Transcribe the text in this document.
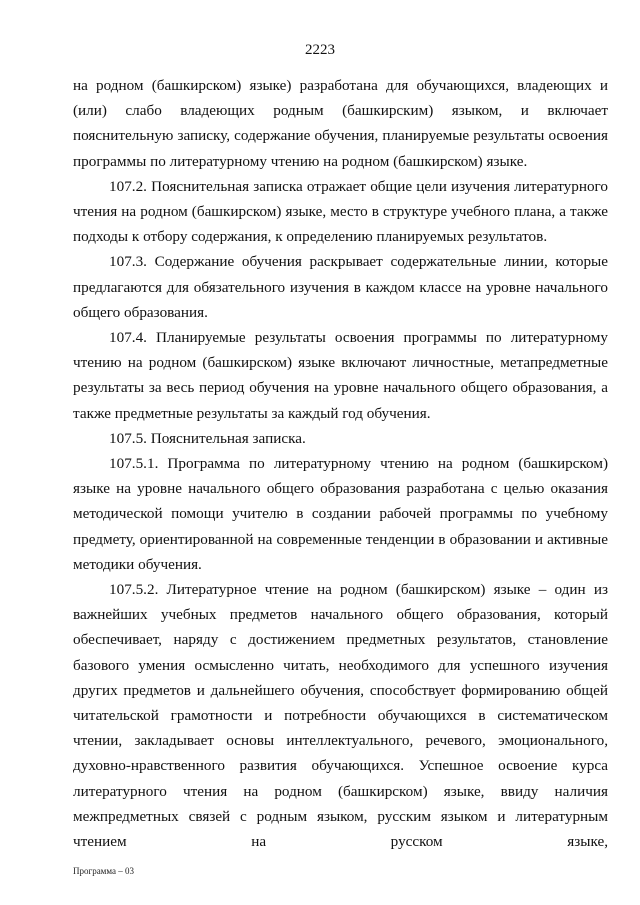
2223

на родном (башкирском) языке) разработана для обучающихся, владеющих и (или) слабо владеющих родным (башкирским) языком, и включает пояснительную записку, содержание обучения, планируемые результаты освоения программы по литературному чтению на родном (башкирском) языке.

107.2. Пояснительная записка отражает общие цели изучения литературного чтения на родном (башкирском) языке, место в структуре учебного плана, а также подходы к отбору содержания, к определению планируемых результатов.

107.3. Содержание обучения раскрывает содержательные линии, которые предлагаются для обязательного изучения в каждом классе на уровне начального общего образования.

107.4. Планируемые результаты освоения программы по литературному чтению на родном (башкирском) языке включают личностные, метапредметные результаты за весь период обучения на уровне начального общего образования, а также предметные результаты за каждый год обучения.

107.5. Пояснительная записка.

107.5.1. Программа по литературному чтению на родном (башкирском) языке на уровне начального общего образования разработана с целью оказания методической помощи учителю в создании рабочей программы по учебному предмету, ориентированной на современные тенденции в образовании и активные методики обучения.

107.5.2. Литературное чтение на родном (башкирском) языке – один из важнейших учебных предметов начального общего образования, который обеспечивает, наряду с достижением предметных результатов, становление базового умения осмысленно читать, необходимого для успешного изучения других предметов и дальнейшего обучения, способствует формированию общей читательской грамотности и потребности обучающихся в систематическом чтении, закладывает основы интеллектуального, речевого, эмоционального, духовно-нравственного развития обучающихся. Успешное освоение курса литературного чтения на родном (башкирском) языке, ввиду наличия межпредметных связей с родным языком, русским языком и литературным чтением на русском языке,

Программа – 03
